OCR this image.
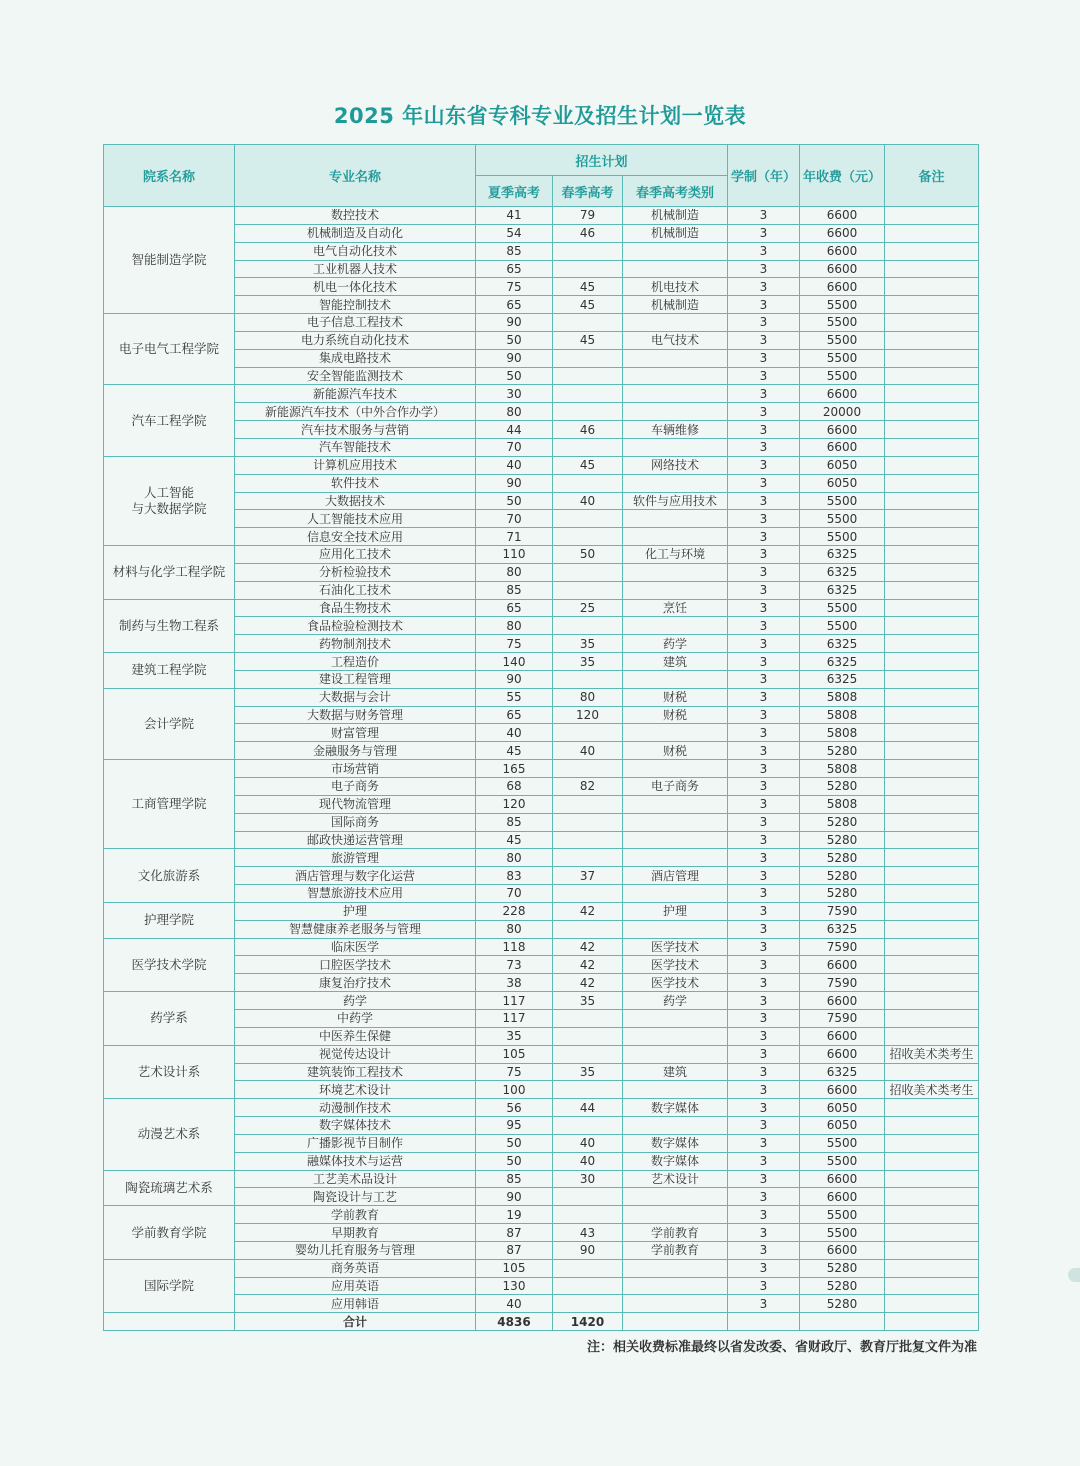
2025 年山东省专科专业及招生计划一览表
院系名称	专业名称	招生计划			学制（年）	年收费（元）	备注
		夏季高考	春季高考	春季高考类别			
智能制造学院	数控技术	41	79	机械制造	3	6600	
	机械制造及自动化	54	46	机械制造	3	6600	
	电气自动化技术	85			3	6600	
	工业机器人技术	65			3	6600	
	机电一体化技术	75	45	机电技术	3	6600	
	智能控制技术	65	45	机械制造	3	5500	
电子电气工程学院	电子信息工程技术	90			3	5500	
	电力系统自动化技术	50	45	电气技术	3	5500	
	集成电路技术	90			3	5500	
	安全智能监测技术	50			3	5500	
汽车工程学院	新能源汽车技术	30			3	6600	
	新能源汽车技术（中外合作办学）	80			3	20000	
	汽车技术服务与营销	44	46	车辆维修	3	6600	
	汽车智能技术	70			3	6600	
人工智能
与大数据学院	计算机应用技术	40	45	网络技术	3	6050	
	软件技术	90			3	6050	
	大数据技术	50	40	软件与应用技术	3	5500	
	人工智能技术应用	70			3	5500	
	信息安全技术应用	71			3	5500	
材料与化学工程学院	应用化工技术	110	50	化工与环境	3	6325	
	分析检验技术	80			3	6325	
	石油化工技术	85			3	6325	
制药与生物工程系	食品生物技术	65	25	烹饪	3	5500	
	食品检验检测技术	80			3	5500	
	药物制剂技术	75	35	药学	3	6325	
建筑工程学院	工程造价	140	35	建筑	3	6325	
	建设工程管理	90			3	6325	
会计学院	大数据与会计	55	80	财税	3	5808	
	大数据与财务管理	65	120	财税	3	5808	
	财富管理	40			3	5808	
	金融服务与管理	45	40	财税	3	5280	
工商管理学院	市场营销	165			3	5808	
	电子商务	68	82	电子商务	3	5280	
	现代物流管理	120			3	5808	
	国际商务	85			3	5280	
	邮政快递运营管理	45			3	5280	
文化旅游系	旅游管理	80			3	5280	
	酒店管理与数字化运营	83	37	酒店管理	3	5280	
	智慧旅游技术应用	70			3	5280	
护理学院	护理	228	42	护理	3	7590	
	智慧健康养老服务与管理	80			3	6325	
医学技术学院	临床医学	118	42	医学技术	3	7590	
	口腔医学技术	73	42	医学技术	3	6600	
	康复治疗技术	38	42	医学技术	3	7590	
药学系	药学	117	35	药学	3	6600	
	中药学	117			3	7590	
	中医养生保健	35			3	6600	
艺术设计系	视觉传达设计	105			3	6600	招收美术类考生
	建筑装饰工程技术	75	35	建筑	3	6325	
	环境艺术设计	100			3	6600	招收美术类考生
动漫艺术系	动漫制作技术	56	44	数字媒体	3	6050	
	数字媒体技术	95			3	6050	
	广播影视节目制作	50	40	数字媒体	3	5500	
	融媒体技术与运营	50	40	数字媒体	3	5500	
陶瓷琉璃艺术系	工艺美术品设计	85	30	艺术设计	3	6600	
	陶瓷设计与工艺	90			3	6600	
学前教育学院	学前教育	19			3	5500	
	早期教育	87	43	学前教育	3	5500	
	婴幼儿托育服务与管理	87	90	学前教育	3	6600	
国际学院	商务英语	105			3	5280	
	应用英语	130			3	5280	
	应用韩语	40			3	5280	
	合计	4836	1420				

注：相关收费标准最终以省发改委、省财政厅、教育厅批复文件为准
